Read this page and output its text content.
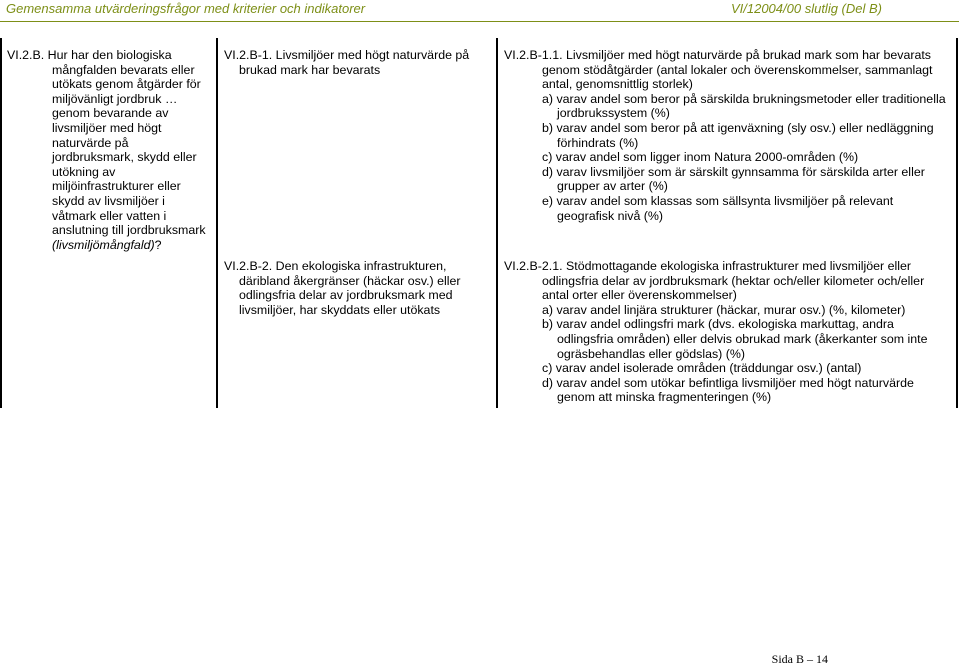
Gemensamma utvärderingsfrågor med kriterier och indikatorer	VI/12004/00 slutlig (Del B)
VI.2.B. Hur har den biologiska mångfalden bevarats eller utökats genom åtgärder för miljövänligt jordbruk …genom bevarande av livsmiljöer med högt naturvärde på jordbruksmark, skydd eller utökning av miljöinfrastrukturer eller skydd av livsmiljöer i våtmark eller vatten i anslutning till jordbruksmark (livsmiljömångfald)?
VI.2.B-1. Livsmiljöer med högt naturvärde på brukad mark har bevarats
VI.2.B-2. Den ekologiska infrastrukturen, däribland åkergränser (häckar osv.) eller odlingsfria delar av jordbruksmark med livsmiljöer, har skyddats eller utökats
VI.2.B-1.1. Livsmiljöer med högt naturvärde på brukad mark som har bevarats genom stödåtgärder (antal lokaler och överenskommelser, sammanlagt antal, genomsnittlig storlek)
a) varav andel som beror på särskilda brukningsmetoder eller traditionella jordbrukssystem (%)
b) varav andel som beror på att igenväxning (sly osv.) eller nedläggning förhindrats (%)
c) varav andel som ligger inom Natura 2000-områden (%)
d) varav livsmiljöer som är särskilt gynnsamma för särskilda arter eller grupper av arter (%)
e) varav andel som klassas som sällsynta livsmiljöer på relevant geografisk nivå (%)
VI.2.B-2.1. Stödmottagande ekologiska infrastrukturer med livsmiljöer eller odlingsfria delar av jordbruksmark (hektar och/eller kilometer och/eller antal orter eller överenskommelser)
a) varav andel linjära strukturer (häckar, murar osv.) (%, kilometer)
b) varav andel odlingsfri mark (dvs. ekologiska markuttag, andra odlingsfria områden) eller delvis obrukad mark (åkerkanter som inte ogräsbehandlas eller gödslas) (%)
c) varav andel isolerade områden (träddungar osv.) (antal)
d) varav andel som utökar befintliga livsmiljöer med högt naturvärde genom att minska fragmenteringen (%)
Sida B – 14
